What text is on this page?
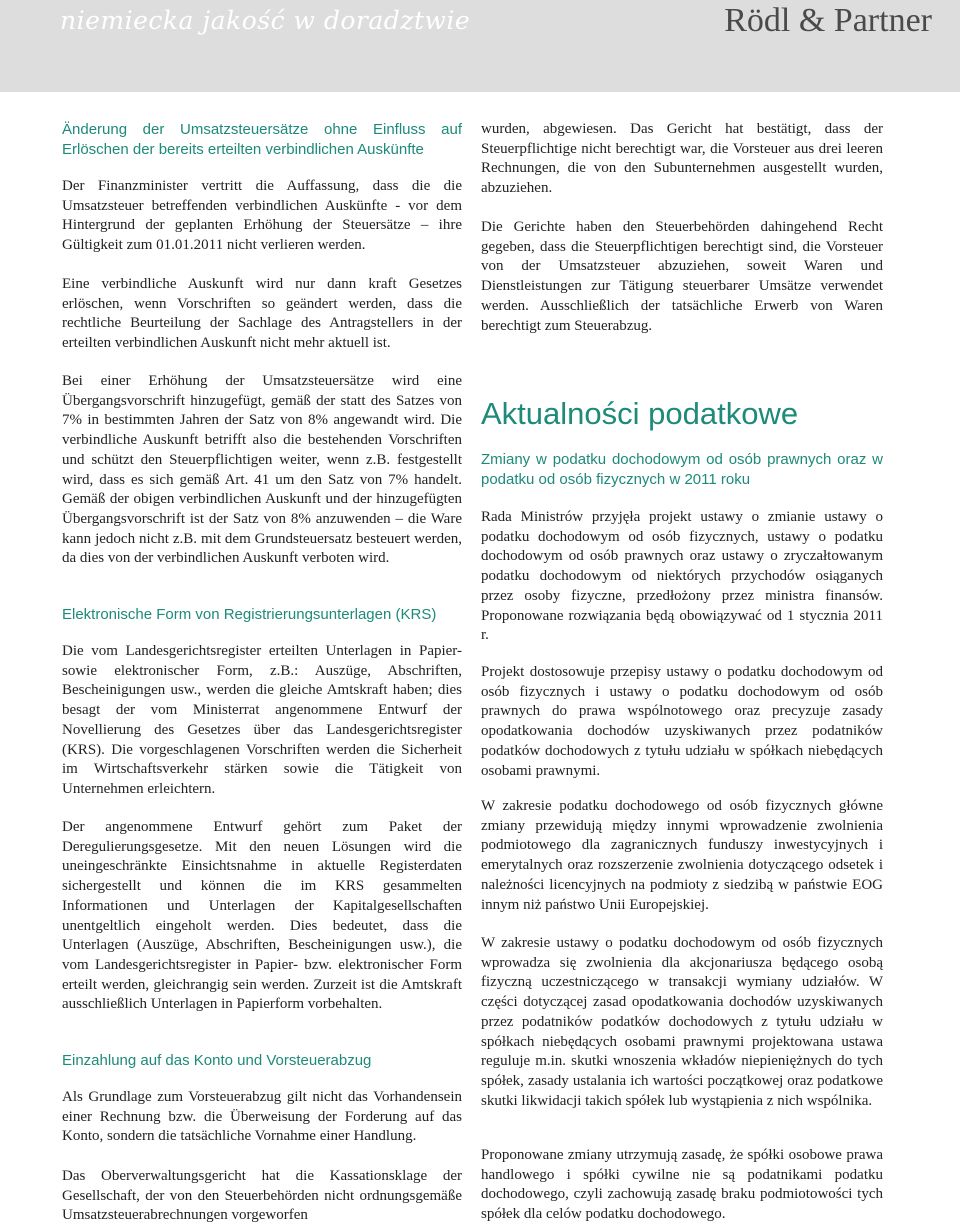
niemiecka jakość w doradztwie	Rödl & Partner
Änderung der Umsatzsteuersätze ohne Einfluss auf Erlöschen der bereits erteilten verbindlichen Auskünfte

Der Finanzminister vertritt die Auffassung, dass die die Umsatzsteuer betreffenden verbindlichen Auskünfte - vor dem Hintergrund der geplanten Erhöhung der Steuersätze – ihre Gültigkeit zum 01.01.2011 nicht verlieren werden.

Eine verbindliche Auskunft wird nur dann kraft Gesetzes erlöschen, wenn Vorschriften so geändert werden, dass die rechtliche Beurteilung der Sachlage des Antragstellers in der erteilten verbindlichen Auskunft nicht mehr aktuell ist.

Bei einer Erhöhung der Umsatzsteuersätze wird eine Übergangsvorschrift hinzugefügt, gemäß der statt des Satzes von 7% in bestimmten Jahren der Satz von 8% angewandt wird. Die verbindliche Auskunft betrifft also die bestehenden Vorschriften und schützt den Steuerpflichtigen weiter, wenn z.B. festgestellt wird, dass es sich gemäß Art. 41 um den Satz von 7% handelt. Gemäß der obigen verbindlichen Auskunft und der hinzugefügten Übergangsvorschrift ist der Satz von 8% anzuwenden – die Ware kann jedoch nicht z.B. mit dem Grundsteuersatz besteuert werden, da dies von der verbindlichen Auskunft verboten wird.

Elektronische Form von Registrierungsunterlagen (KRS)

Die vom Landesgerichtsregister erteilten Unterlagen in Papier- sowie elektronischer Form, z.B.: Auszüge, Abschriften, Bescheinigungen usw., werden die gleiche Amtskraft haben; dies besagt der vom Ministerrat angenommene Entwurf der Novellierung des Gesetzes über das Landesgerichtsregister (KRS). Die vorgeschlagenen Vorschriften werden die Sicherheit im Wirtschaftsverkehr stärken sowie die Tätigkeit von Unternehmen erleichtern.

Der angenommene Entwurf gehört zum Paket der Deregulierungsgesetze. Mit den neuen Lösungen wird die uneingeschränkte Einsichtsnahme in aktuelle Registerdaten sichergestellt und können die im KRS gesammelten Informationen und Unterlagen der Kapitalgesellschaften unentgeltlich eingeholt werden. Dies bedeutet, dass die Unterlagen (Auszüge, Abschriften, Bescheinigungen usw.), die vom Landesgerichtsregister in Papier- bzw. elektronischer Form erteilt werden, gleichrangig sein werden. Zurzeit ist die Amtskraft ausschließlich Unterlagen in Papierform vorbehalten.

Einzahlung auf das Konto und Vorsteuerabzug

Als Grundlage zum Vorsteuerabzug gilt nicht das Vorhandensein einer Rechnung bzw. die Überweisung der Forderung auf das Konto, sondern die tatsächliche Vornahme einer Handlung.

Das Oberverwaltungsgericht hat die Kassationsklage der Gesellschaft, der von den Steuerbehörden nicht ordnungsgemäße Umsatzsteuerabrechnungen vorgeworfen

wurden, abgewiesen. Das Gericht hat bestätigt, dass der Steuerpflichtige nicht berechtigt war, die Vorsteuer aus drei leeren Rechnungen, die von den Subunternehmen ausgestellt wurden, abzuziehen.

Die Gerichte haben den Steuerbehörden dahingehend Recht gegeben, dass die Steuerpflichtigen berechtigt sind, die Vorsteuer von der Umsatzsteuer abzuziehen, soweit Waren und Dienstleistungen zur Tätigung steuerbarer Umsätze verwendet werden. Ausschließlich der tatsächliche Erwerb von Waren berechtigt zum Steuerabzug.

Aktualności podatkowe
Zmiany w podatku dochodowym od osób prawnych oraz w podatku od osób fizycznych w 2011 roku

Rada Ministrów przyjęła projekt ustawy o zmianie ustawy o podatku dochodowym od osób fizycznych, ustawy o podatku dochodowym od osób prawnych oraz ustawy o zryczałtowanym podatku dochodowym od niektórych przychodów osiąganych przez osoby fizyczne, przedłożony przez ministra finansów. Proponowane rozwiązania będą obowiązywać od 1 stycznia 2011 r.

Projekt dostosowuje przepisy ustawy o podatku dochodowym od osób fizycznych i ustawy o podatku dochodowym od osób prawnych do prawa wspólnotowego oraz precyzuje zasady opodatkowania dochodów uzyskiwanych przez podatników podatków dochodowych z tytułu udziału w spółkach niebędących osobami prawnymi.

W zakresie podatku dochodowego od osób fizycznych główne zmiany przewidują między innymi wprowadzenie zwolnienia podmiotowego dla zagranicznych funduszy inwestycyjnych i emerytalnych oraz rozszerzenie zwolnienia dotyczącego odsetek i należności licencyjnych na podmioty z siedzibą w państwie EOG innym niż państwo Unii Europejskiej.

W zakresie ustawy o podatku dochodowym od osób fizycznych wprowadza się zwolnienia dla akcjonariusza będącego osobą fizyczną uczestniczącego w transakcji wymiany udziałów. W części dotyczącej zasad opodatkowania dochodów uzyskiwanych przez podatników podatków dochodowych z tytułu udziału w spółkach niebędących osobami prawnymi projektowana ustawa reguluje m.in. skutki wnoszenia wkładów niepieniężnych do tych spółek, zasady ustalania ich wartości początkowej oraz podatkowe skutki likwidacji takich spółek lub wystąpienia z nich wspólnika.

Proponowane zmiany utrzymują zasadę, że spółki osobowe prawa handlowego i spółki cywilne nie są podatnikami podatku dochodowego, czyli zachowują zasadę braku podmiotowości tych spółek dla celów podatku dochodowego.
